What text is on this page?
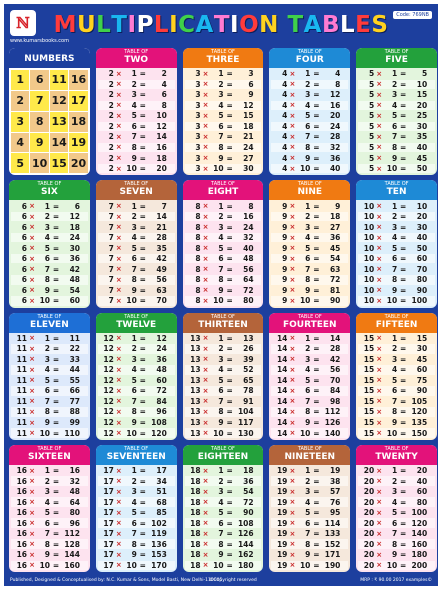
ℕ
www.kumarsbooks.com
Code: 769NB
MULTIPLICATION TABLES
NUMBERS
1	6 11 16
2	7 12 17
3	8 13 18
4	9 14 19
5 10 15 20
TABLE OF
TWO
2 ×	1 =	2
2 ×	2 =	4
2 ×	3 =	6
2 ×	4 =	8
2 ×	5 =	10
2 ×	6 =	12
2 ×	7 =	14
2 ×	8 =	16
2 ×	9 =	18
2 × 10 =	20
TABLE OF
THREE
3 ×	1 =	3
3 ×	2 =	6
3 ×	3 =	9
3 ×	4 =	12
3 ×	5 =	15
3 ×	6 =	18
3 ×	7 =	21
3 ×	8 =	24
3 ×	9 =	27
3 × 10 =	30
TABLE OF
FOUR
4 ×	1 =	4
4 ×	2 =	8
4 ×	3 =	12
4 ×	4 =	16
4 ×	5 =	20
4 ×	6 =	24
4 ×	7 =	28
4 ×	8 =	32
4 ×	9 =	36
4 × 10 =	40
TABLE OF
FIVE
5 ×	1 =	5
5 ×	2 =	10
5 ×	3 =	15
5 ×	4 =	20
5 ×	5 =	25
5 ×	6 =	30
5 ×	7 =	35
5 ×	8 =	40
5 ×	9 =	45
5 × 10 =	50
TABLE OF
SIX
6 ×	1 =	6
6 ×	2 =	12
6 ×	3 =	18
6 ×	4 =	24
6 ×	5 =	30
6 ×	6 =	36
6 ×	7 =	42
6 ×	8 =	48
6 ×	9 =	54
6 × 10 =	60
TABLE OF
SEVEN
7 ×	1 =	7
7 ×	2 =	14
7 ×	3 =	21
7 ×	4 =	28
7 ×	5 =	35
7 ×	6 =	42
7 ×	7 =	49
7 ×	8 =	56
7 ×	9 =	63
7 × 10 =	70
TABLE OF
EIGHT
8 ×	1 =	8
8 ×	2 =	16
8 ×	3 =	24
8 ×	4 =	32
8 ×	5 =	40
8 ×	6 =	48
8 ×	7 =	56
8 ×	8 =	64
8 ×	9 =	72
8 × 10 =	80
TABLE OF
NINE
9 ×	1 =	9
9 ×	2 =	18
9 ×	3 =	27
9 ×	4 =	36
9 ×	5 =	45
9 ×	6 =	54
9 ×	7 =	63
9 ×	8 =	72
9 ×	9 =	81
9 × 10 =	90
TABLE OF
TEN
10 ×	1 =	10
10 ×	2 =	20
10 ×	3 =	30
10 ×	4 =	40
10 ×	5 =	50
10 ×	6 =	60
10 ×	7 =	70
10 ×	8 =	80
10 ×	9 =	90
10 × 10 = 100
TABLE OF
ELEVEN
11 ×	1 =	11
11 ×	2 =	22
11 ×	3 =	33
11 ×	4 =	44
11 ×	5 =	55
11 ×	6 =	66
11 ×	7 =	77
11 ×	8 =	88
11 ×	9 =	99
11 × 10 = 110
TABLE OF
TWELVE
12 ×	1 =	12
12 ×	2 =	24
12 ×	3 =	36
12 ×	4 =	48
12 ×	5 =	60
12 ×	6 =	72
12 ×	7 =	84
12 ×	8 =	96
12 ×	9 = 108
12 × 10 = 120
TABLE OF
THIRTEEN
13 ×	1 =	13
13 ×	2 =	26
13 ×	3 =	39
13 ×	4 =	52
13 ×	5 =	65
13 ×	6 =	78
13 ×	7 =	91
13 ×	8 = 104
13 ×	9 = 117
13 × 10 = 130
TABLE OF
FOURTEEN
14 ×	1 =	14
14 ×	2 =	28
14 ×	3 =	42
14 ×	4 =	56
14 ×	5 =	70
14 ×	6 =	84
14 ×	7 =	98
14 ×	8 = 112
14 ×	9 = 126
14 × 10 = 140
TABLE OF
FIFTEEN
15 ×	1 =	15
15 ×	2 =	30
15 ×	3 =	45
15 ×	4 =	60
15 ×	5 =	75
15 ×	6 =	90
15 ×	7 = 105
15 ×	8 = 120
15 ×	9 = 135
15 × 10 = 150
TABLE OF
SIXTEEN
16 ×	1 =	16
16 ×	2 =	32
16 ×	3 =	48
16 ×	4 =	64
16 ×	5 =	80
16 ×	6 =	96
16 ×	7 = 112
16 ×	8 = 128
16 ×	9 = 144
16 × 10 = 160
TABLE OF
SEVENTEEN
17 ×	1 =	17
17 ×	2 =	34
17 ×	3 =	51
17 ×	4 =	68
17 ×	5 =	85
17 ×	6 = 102
17 ×	7 = 119
17 ×	8 = 136
17 ×	9 = 153
17 × 10 = 170
TABLE OF
EIGHTEEN
18 ×	1 =	18
18 ×	2 =	36
18 ×	3 =	54
18 ×	4 =	72
18 ×	5 =	90
18 ×	6 = 108
18 ×	7 = 126
18 ×	8 = 144
18 ×	9 = 162
18 × 10 = 180
TABLE OF
NINETEEN
19 ×	1 =	19
19 ×	2 =	38
19 ×	3 =	57
19 ×	4 =	76
19 ×	5 =	95
19 ×	6 = 114
19 ×	7 = 133
19 ×	8 = 152
19 ×	9 = 171
19 × 10 = 190
TABLE OF
TWENTY
20 ×	1 =	20
20 ×	2 =	40
20 ×	3 =	60
20 ×	4 =	80
20 ×	5 = 100
20 ×	6 = 120
20 ×	7 = 140
20 ×	8 = 160
20 ×	9 = 180
20 × 10 = 200
Published, Designed & Conceptualised by: N.C. Kumar & Sons, Model Basti, New Delhi-110005
©Copyright reserved	MRP : ₹ 90.00 2017 examples©
